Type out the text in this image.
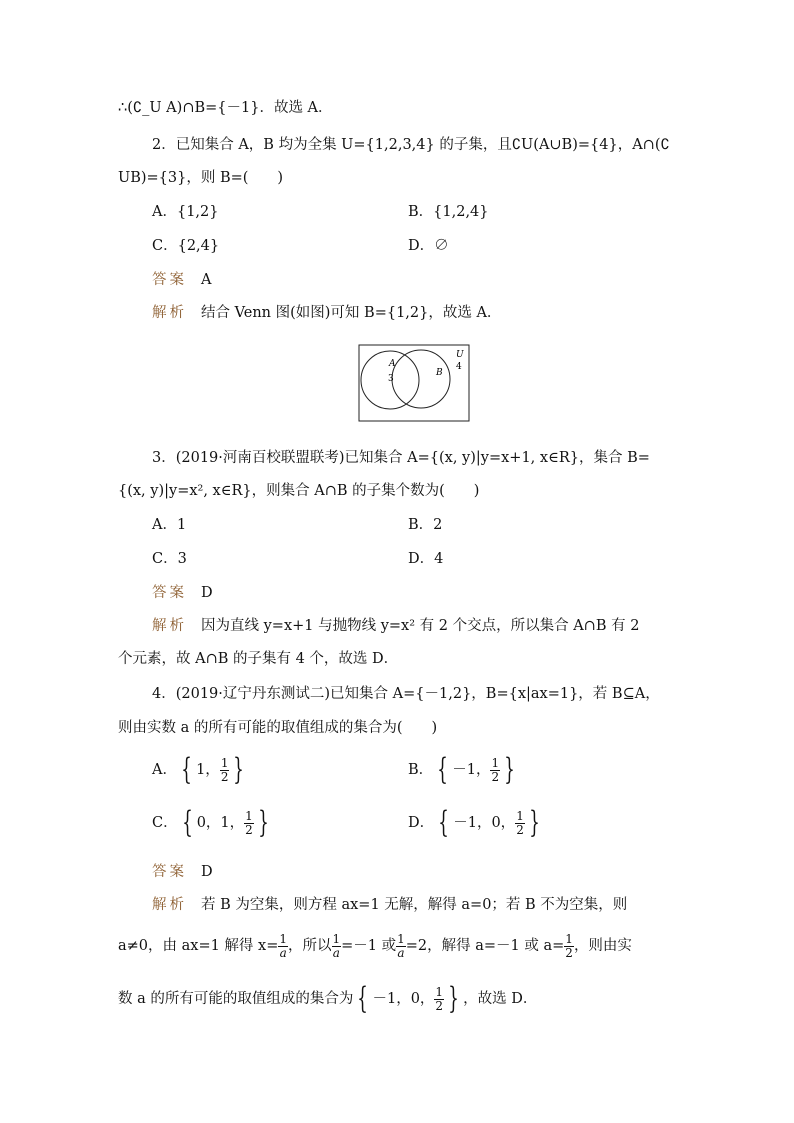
∴(∁_U A)∩B={－1}．故选 A．
2．已知集合 A，B 均为全集 U={1,2,3,4} 的子集，且∁U(A∪B)={4}，A∩(∁
UB)={3}，则 B=(　　)
A．{1,2}	B．{1,2,4}
C．{2,4}	D．∅
答案 A
解析 结合 Venn 图(如图)可知 B={1,2}，故选 A．
A
3
B
U
4
3．(2019·河南百校联盟联考)已知集合 A={(x, y)|y=x+1, x∈R}，集合 B=
{(x, y)|y=x², x∈R}，则集合 A∩B 的子集个数为(　　)
A．1	B．2
C．3	D．4
答案 D
解析 因为直线 y=x+1 与抛物线 y=x² 有 2 个交点，所以集合 A∩B 有 2
个元素，故 A∩B 的子集有 4 个，故选 D．
4．(2019·辽宁丹东测试二)已知集合 A={－1,2}，B={x|ax=1}，若 B⊆A，
则由实数 a 的所有可能的取值组成的集合为(　　)
A． { 1， $\frac{1}{2}$ }	B． { －1， $\frac{1}{2}$ }
C． { 0，1， $\frac{1}{2}$ }	D． { －1，0， $\frac{1}{2}$ }
答案 D
解析 若 B 为空集，则方程 ax=1 无解，解得 a=0；若 B 不为空集，则
a≠0，由 ax=1 解得 $x= \frac{1}{a}$ ，所以 $\frac{1}{a} =-1$ 或 $\frac{1}{a} =2$，解得 a=－1 或 $a= \frac{1}{2}$ ，则由实
数 a 的所有可能的取值组成的集合为 { －1，0， $\frac{1}{2}$ } ，故选 D．
